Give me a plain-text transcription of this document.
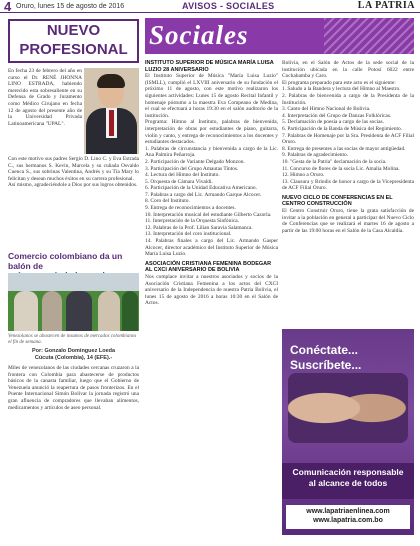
4 Oruro, lunes 15 de agosto de 2016	AVISOS - SOCIALES	LA PATRIA
NUEVO
PROFESIONAL

En fecha 23 de febrero del año en curso el Dr. RENÉ JHONNA LINO ESTRADA, habiendo merecido esta sobresaliente en su Defensa de Grado y Juramento como Médico Cirujano en fecha 12 de agosto del presente año de la Universidad Privada Latinoamericana "UPAL".

Con este motivo sus padres Sergio D. Lino C. y Eva Estrada C., sus hermanos S. Kevin, Marcela y su cuñada Osvaldo Cuenca S., sus sobrinas Valentina, Andrés y su Tía Mary lo felicitan y desean muchos éxitos en su carrera profesional.

Así mismo, agradeciéndole a Dios por sus logros obtenidos.

Comercio colombiano da un balón de

Venezolanos se abastecen de insumos de mercados colombianos el fin de semana.

Por: Gonzalo Domínguez Loeda
Cúcuta (Colombia), 14 (EFE).-

Miles de venezolanos de las ciudades cercanas cruzaron a la frontera con Colombia para abastecerse de productos básicos de la canasta familiar, luego que el Gobierno de Venezuela anunció la reapertura de pasos fronterizos. En el Puente Internacional Simón Bolívar la jornada registró una gran afluencia de compradores que llevaban alimentos, medicamentos y artículos de aseo personal.

Sociales

INSTITUTO SUPERIOR DE MÚSICA MARÍA LUISA LUZIO 28 ANIVERSARIO

El Instituto Superior de Música "María Luisa Luzio" (ISMLL), cumplió el LXVIII aniversario de su fundación el próximo 11 de agosto, con este motivo realizaron los siguientes actividades: Lunes 15 de agosto Recital Infantil y homenaje póstumo a la maestra Eva Compeano de Medina, el cual se efectuará a horas 19:30 en el salón auditorio de la institución.

Programa: Himno al Instituto, palabras de bienvenida, interpretación de obras por estudiantes de piano, guitarra, violín y canto, y entrega de reconocimientos a los docentes y estudiantes destacados.

1. Palabras de circunstancia y bienvenida a cargo de la Lic. Ana Palmira Peñarroja.

2. Participación de Variante Delgado Monzon.

3. Participación del Grupo Amautas Tintos.

4. Lectura del Himno del Instituto.

5. Orquesta de Cámara Vivaldi.

6. Participación de la Unidad Educativa Americano.

7. Palabras a cargo del Lic. Armando Garque Alcocer.

8. Coro del Instituto.

9. Entrega de reconocimientos a docentes.

10. Interpretación musical del estudiante Gilberto Cazorla.

11. Interpretación de la Orquesta Sinfónica.

12. Palabras de la Prof. Lilian Saravia Salamanca.

13. Interpretación del coro institucional.

14. Palabras finales a cargo del Lic. Armando Gasper Alcocer, director académico del Instituto Superior de Música María Luisa Luzio.

ASOCIACIÓN CRISTIANA FEMENINA BODEGAR AL CXCI ANIVERSARIO DE BOLIVIA

Nos complace invitar a nuestros asociados y socios de la Asociación Cristiana Femenina a los actos del CXCI aniversario de la Independencia de nuestra Patria Bolivia, el lunes 15 de agosto de 2016 a horas 10:30 en el Salón de Actos.

Bolivia, en el Salón de Actos de la sede social de la institución ubicada en la calle Potosí 6022 entre Cochabamba y Caro.

El programa preparado para este acto es el siguiente:

1. Saludo a la Bandera y lectura del Himno al Maestro.

2. Palabras de bienvenida a cargo de la Presidenta de la Institución.

3. Canto del Himno Nacional de Bolivia.

4. Interpretación del Grupo de Danzas Folklóricas.

5. Declamación de poesía a cargo de las socias.

6. Participación de la Banda de Música del Regimiento.

7. Palabras de Homenaje por la Sra. Presidenta de ACF Filial Oruro.

8. Entrega de presentes a las socias de mayor antigüedad.

9. Palabras de agradecimiento.

10. "Gesta de la Patria" declamación de la socia.

11. Concurso de flores de la socia Lic. Amalia Molina.

12. Himno a Oruro.

13. Clausura y Brindis de honor a cargo de la Vicepresidenta de ACF Filial Oruro.

NUEVO CICLO DE CONFERENCIAS EN EL CENTRO CONSTRUCCIÓN

El Centro Construir Oruro, tiene la grata satisfacción de invitar a la población en general a participar del Nuevo Ciclo de Conferencias que se realizará el martes 16 de agosto a partir de las 19:00 horas en el Salón de la Casa Alcaldía.

Conéctate...
Suscríbete...
Comunicación responsable
al alcance de todos
www.lapatriaenlinea.com
www.lapatria.com.bo
